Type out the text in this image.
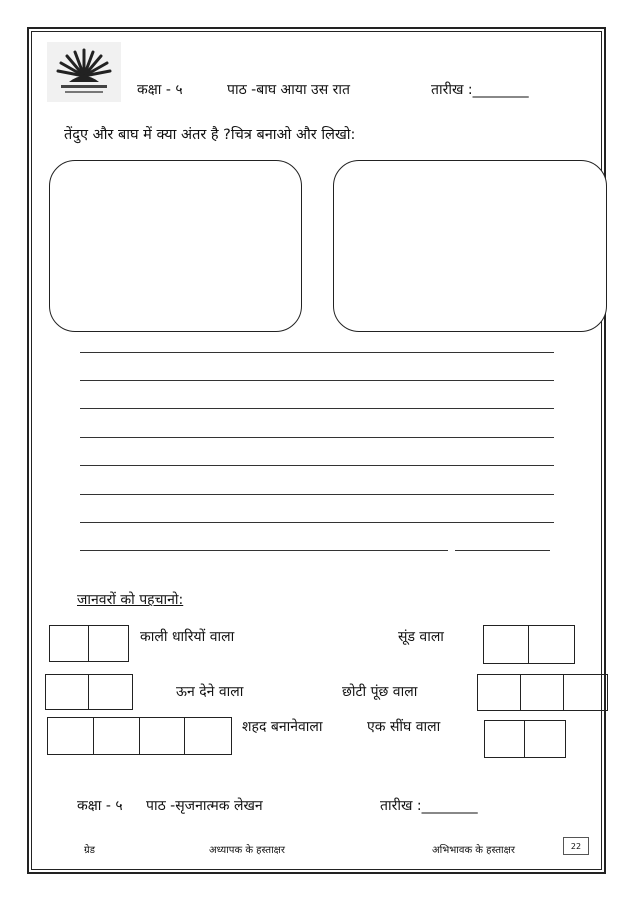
कक्षा - ५	पाठ -बाघ आया उस रात	तारीख :________
तेंदुए और बाघ में क्या अंतर है ?चित्र बनाओ और लिखो:
जानवरों को पहचानो:
काली धारियों वाला	सूंड वाला
ऊन देने वाला	छोटी पूंछ वाला
शहद बनानेवाला	एक सींघ वाला
कक्षा - ५ पाठ -सृजनात्मक लेखन	तारीख :________
ग्रेड	अध्यापक के हस्ताक्षर	अभिभावक के हस्ताक्षर	22
